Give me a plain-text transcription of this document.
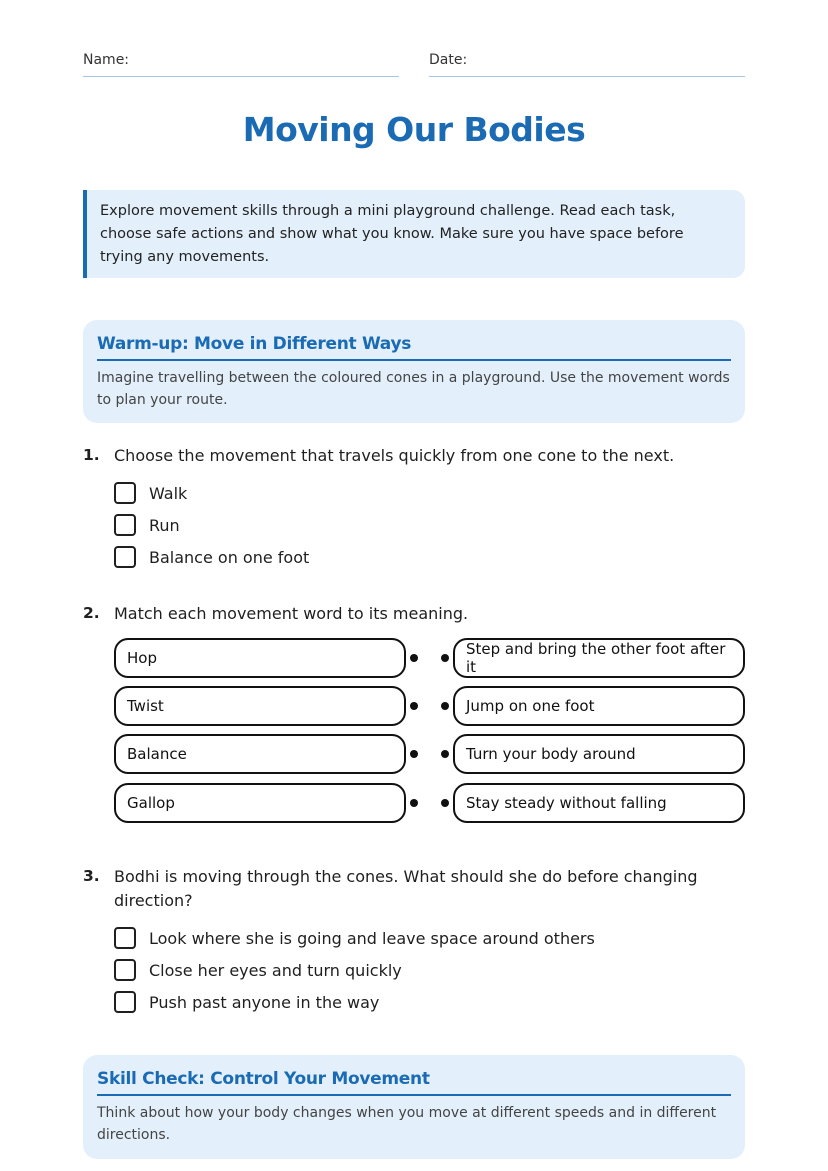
Name:	Date:
Moving Our Bodies
Explore movement skills through a mini playground challenge. Read each task, choose safe actions and show what you know. Make sure you have space before trying any movements.
Warm-up: Move in Different Ways

Imagine travelling between the coloured cones in a playground. Use the movement words to plan your route.

1. Choose the movement that travels quickly from one cone to the next.
Walk
Run
Balance on one foot
2. Match each movement word to its meaning.
Hop
Twist
Balance
Gallop
Step and bring the other foot after it
Jump on one foot
Turn your body around
Stay steady without falling
3. Bodhi is moving through the cones. What should she do before changing direction?
Look where she is going and leave space around others
Close her eyes and turn quickly
Push past anyone in the way
Skill Check: Control Your Movement

Think about how your body changes when you move at different speeds and in different directions.
